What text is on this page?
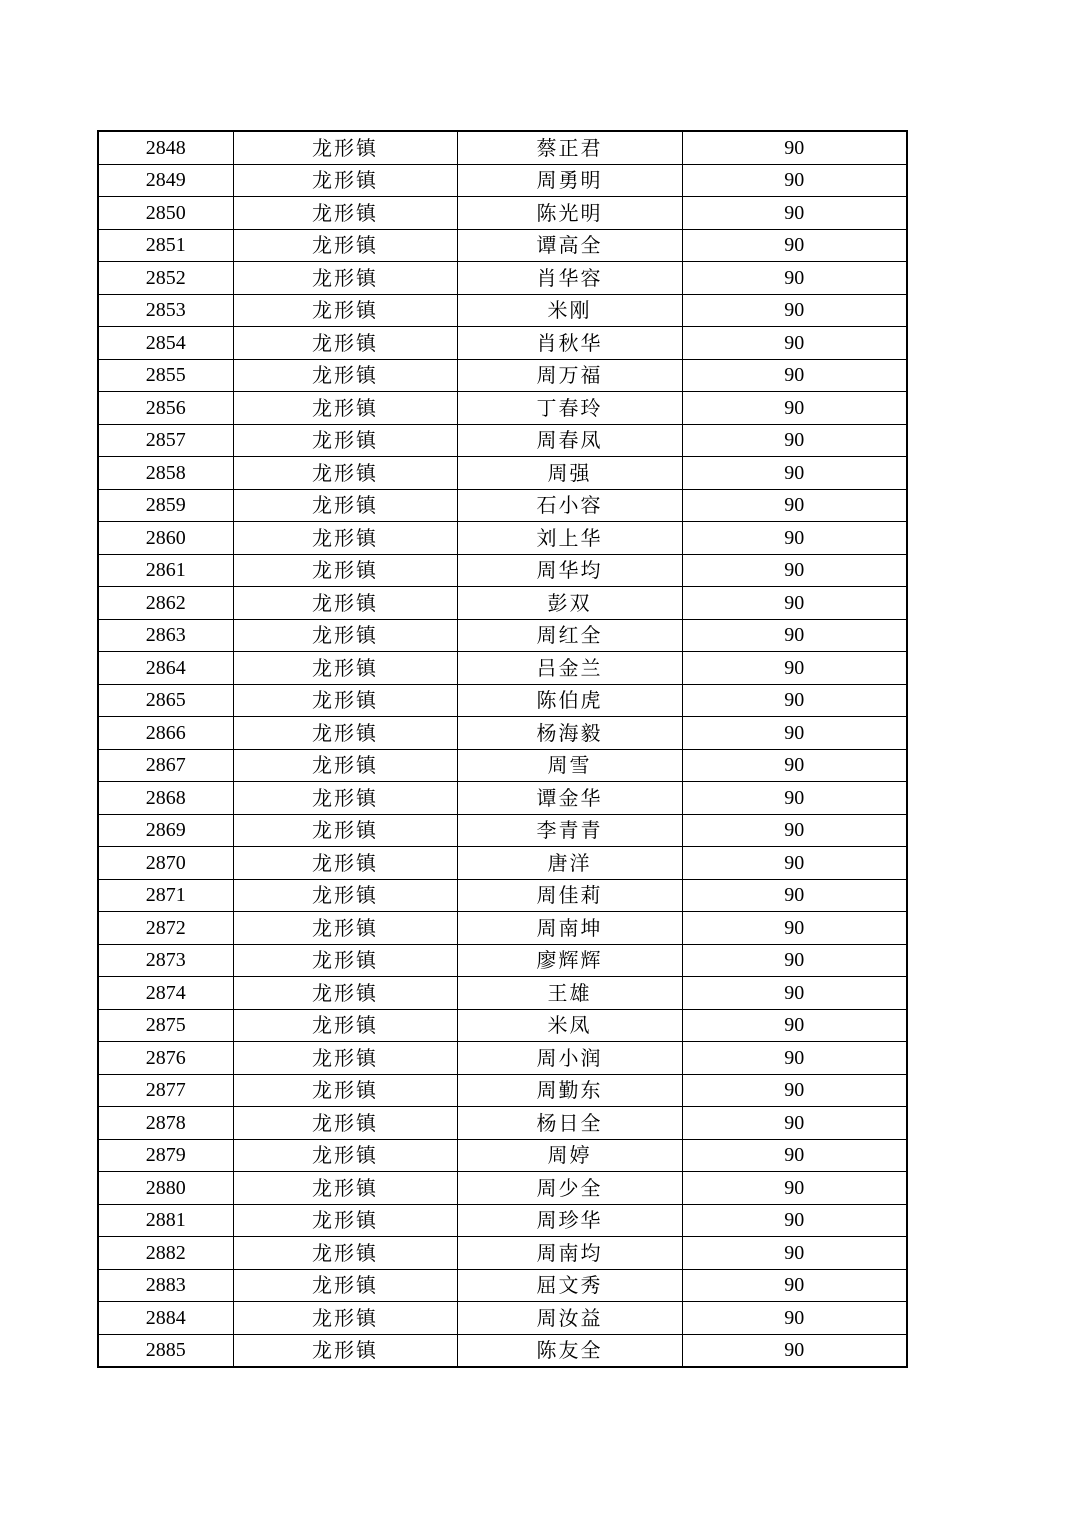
2848	龙形镇	蔡正君	90
2849	龙形镇	周勇明	90
2850	龙形镇	陈光明	90
2851	龙形镇	谭高全	90
2852	龙形镇	肖华容	90
2853	龙形镇	米刚	90
2854	龙形镇	肖秋华	90
2855	龙形镇	周万福	90
2856	龙形镇	丁春玲	90
2857	龙形镇	周春凤	90
2858	龙形镇	周强	90
2859	龙形镇	石小容	90
2860	龙形镇	刘上华	90
2861	龙形镇	周华均	90
2862	龙形镇	彭双	90
2863	龙形镇	周红全	90
2864	龙形镇	吕金兰	90
2865	龙形镇	陈伯虎	90
2866	龙形镇	杨海毅	90
2867	龙形镇	周雪	90
2868	龙形镇	谭金华	90
2869	龙形镇	李青青	90
2870	龙形镇	唐洋	90
2871	龙形镇	周佳莉	90
2872	龙形镇	周南坤	90
2873	龙形镇	廖辉辉	90
2874	龙形镇	王雄	90
2875	龙形镇	米凤	90
2876	龙形镇	周小润	90
2877	龙形镇	周勤东	90
2878	龙形镇	杨日全	90
2879	龙形镇	周婷	90
2880	龙形镇	周少全	90
2881	龙形镇	周珍华	90
2882	龙形镇	周南均	90
2883	龙形镇	屈文秀	90
2884	龙形镇	周汝益	90
2885	龙形镇	陈友全	90
